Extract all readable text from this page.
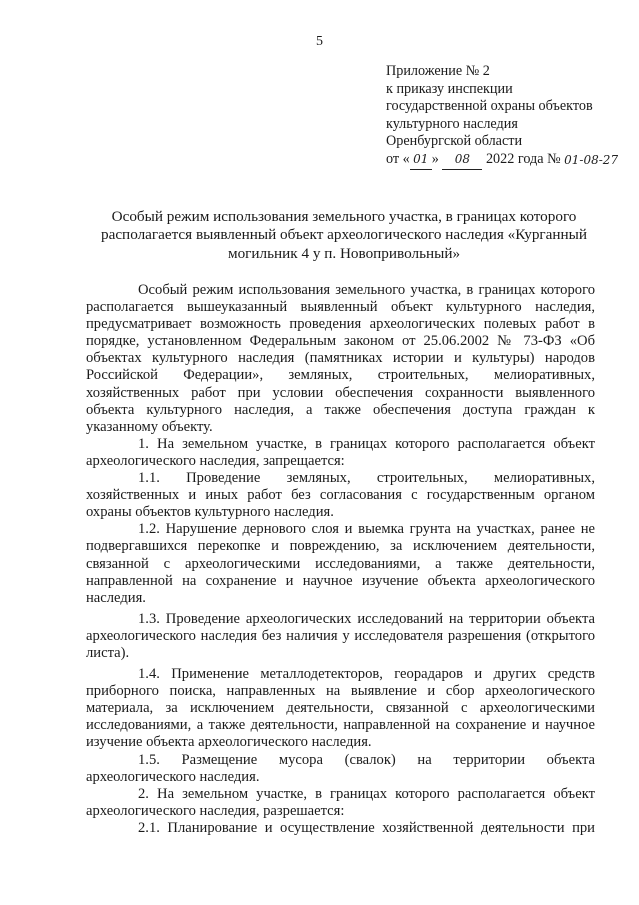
5
Приложение № 2
к приказу инспекции
государственной охраны объектов
культурного наследия
Оренбургской области
от « 01 » 08 2022 года № 01-08-27
Особый режим использования земельного участка, в границах которого располагается выявленный объект археологического наследия «Курганный могильник 4 у п. Новопривольный»

Особый режим использования земельного участка, в границах которого располагается вышеуказанный выявленный объект культурного наследия, предусматривает возможность проведения археологических полевых работ в порядке, установленном Федеральным законом от 25.06.2002 № 73-ФЗ «Об объектах культурного наследия (памятниках истории и культуры) народов Российской Федерации», земляных, строительных, мелиоративных, хозяйственных работ при условии обеспечения сохранности выявленного объекта культурного наследия, а также обеспечения доступа граждан к указанному объекту.

1. На земельном участке, в границах которого располагается объект археологического наследия, запрещается:

1.1. Проведение земляных, строительных, мелиоративных, хозяйственных и иных работ без согласования с государственным органом охраны объектов культурного наследия.

1.2. Нарушение дернового слоя и выемка грунта на участках, ранее не подвергавшихся перекопке и повреждению, за исключением деятельности, связанной с археологическими исследованиями, а также деятельности, направленной на сохранение и научное изучение объекта археологического наследия.

1.3. Проведение археологических исследований на территории объекта археологического наследия без наличия у исследователя разрешения (открытого листа).

1.4. Применение металлодетекторов, георадаров и других средств приборного поиска, направленных на выявление и сбор археологического материала, за исключением деятельности, связанной с археологическими исследованиями, а также деятельности, направленной на сохранение и научное изучение объекта археологического наследия.

1.5. Размещение мусора (свалок) на территории объекта археологического наследия.

2. На земельном участке, в границах которого располагается объект археологического наследия, разрешается:

2.1. Планирование и осуществление хозяйственной деятельности при
